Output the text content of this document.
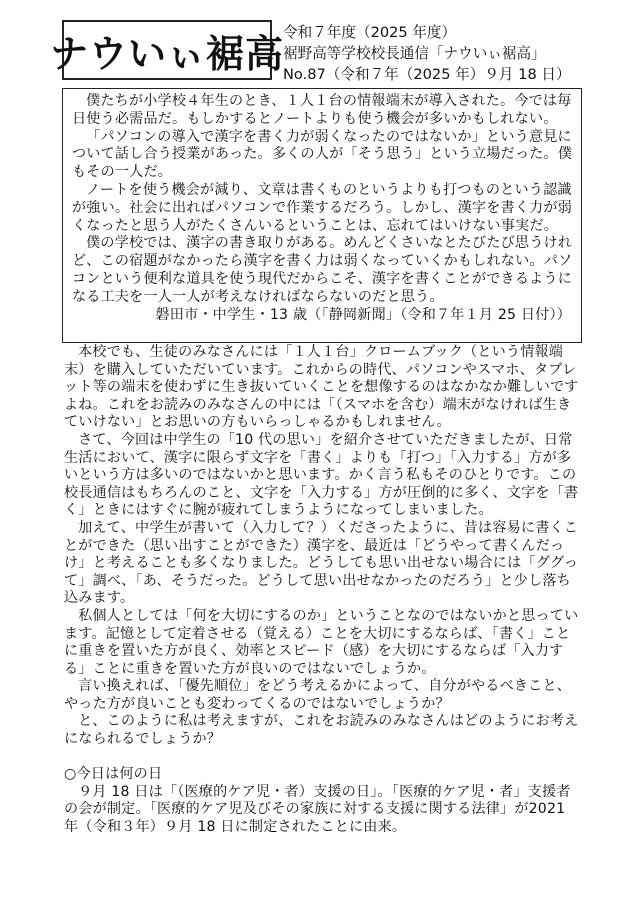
ナウいぃ裾高
令和７年度（2025 年度）
裾野高等学校校長通信「ナウいぃ裾高」
No.87（令和７年（2025 年）９月 18 日）

僕たちが小学校４年生のとき、１人１台の情報端末が導入された。今では毎日使う必需品だ。もしかするとノートよりも使う機会が多いかもしれない。

「パソコンの導入で漢字を書く力が弱くなったのではないか」という意見について話し合う授業があった。多くの人が「そう思う」という立場だった。僕もその一人だ。

ノートを使う機会が減り、文章は書くものというよりも打つものという認識が強い。社会に出ればパソコンで作業するだろう。しかし、漢字を書く力が弱くなったと思う人がたくさんいるということは、忘れてはいけない事実だ。

僕の学校では、漢字の書き取りがある。めんどくさいなとたびたび思うけれど、この宿題がなかったら漢字を書く力は弱くなっていくかもしれない。パソコンという便利な道具を使う現代だからこそ、漢字を書くことができるようになる工夫を一人一人が考えなければならないのだと思う。

磐田市・中学生・13 歳（「静岡新聞」（令和７年１月 25 日付））

本校でも、生徒のみなさんには「１人１台」クロームブック（という情報端末）を購入していただいています。これからの時代、パソコンやスマホ、タブレット等の端末を使わずに生き抜いていくことを想像するのはなかなか難しいですよね。これをお読みのみなさんの中には「（スマホを含む）端末がなければ生きていけない」とお思いの方もいらっしゃるかもしれません。

さて、今回は中学生の「10 代の思い」を紹介させていただきましたが、日常生活において、漢字に限らず文字を「書く」よりも「打つ」「入力する」方が多いという方は多いのではないかと思います。かく言う私もそのひとりです。この校長通信はもちろんのこと、文字を「入力する」方が圧倒的に多く、文字を「書く」ときにはすぐに腕が疲れてしまうようになってしまいました。

加えて、中学生が書いて（入力して？）くださったように、昔は容易に書くことができた（思い出すことができた）漢字を、最近は「どうやって書くんだっけ」と考えることも多くなりました。どうしても思い出せない場合には「ググって」調べ、「あ、そうだった。どうして思い出せなかったのだろう」と少し落ち込みます。

私個人としては「何を大切にするのか」ということなのではないかと思っています。記憶として定着させる（覚える）ことを大切にするならば、「書く」ことに重きを置いた方が良く、効率とスピード（感）を大切にするならば「入力する」ことに重きを置いた方が良いのではないでしょうか。

言い換えれば、「優先順位」をどう考えるかによって、自分がやるべきこと、やった方が良いことも変わってくるのではないでしょうか？

と、このように私は考えますが、これをお読みのみなさんはどのようにお考えになられるでしょうか？

○今日は何の日

９月 18 日は「（医療的ケア児・者）支援の日」。「医療的ケア児・者」支援者の会が制定。「医療的ケア児及びその家族に対する支援に関する法律」が2021 年（令和３年）９月 18 日に制定されたことに由来。
